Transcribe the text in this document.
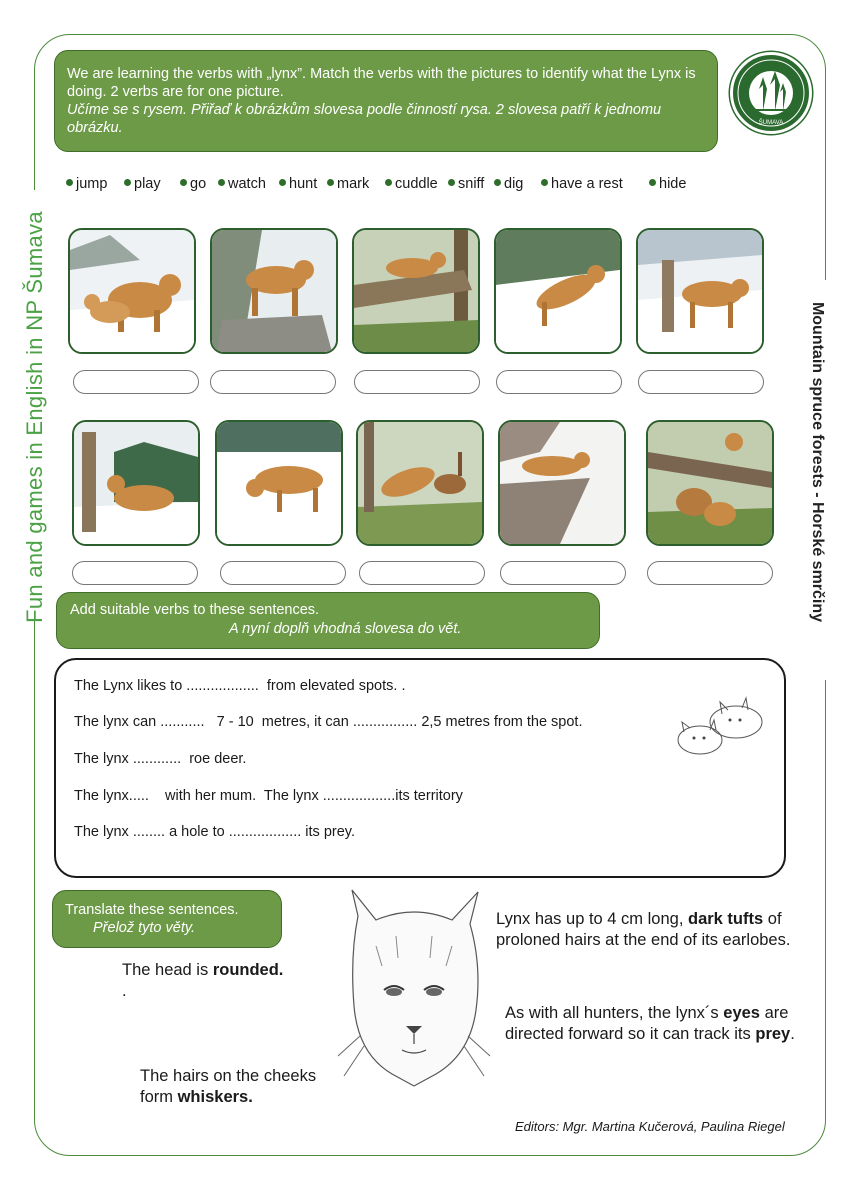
Fun and games in English in NP Šumava	Mountain spruce forests - Horské smrčiny
We are learning the verbs with „lynx”. Match the verbs with the pictures to identify what the Lynx is doing. 2 verbs are for one picture.
Učíme se s rysem. Přiřaď k obrázkům slovesa podle činností rysa. 2 slovesa patří k jednomu obrázku.	ŠUMAVA
jump	play	go	watch	hunt	mark	cuddle	sniff	dig	have a rest	hide
Add suitable verbs to these sentences.
A nyní doplň vhodná slovesa do vět.
The Lynx likes to ..................  from elevated spots. .
The lynx can ...........   7 - 10  metres, it can ................ 2,5 metres from the spot.
The lynx ............  roe deer.
The lynx.....    with her mum.  The lynx ..................its territory
The lynx ........ a hole to .................. its prey.
Translate these sentences.
Přelož tyto věty.
The head is rounded.
.
Lynx has up to 4 cm long, dark tufts of proloned hairs at the end of its earlobes.
As with all hunters, the lynx´s eyes are directed forward so it can track its prey.
The hairs on the cheeks form whiskers.
Editors: Mgr. Martina Kučerová, Paulina Riegel
